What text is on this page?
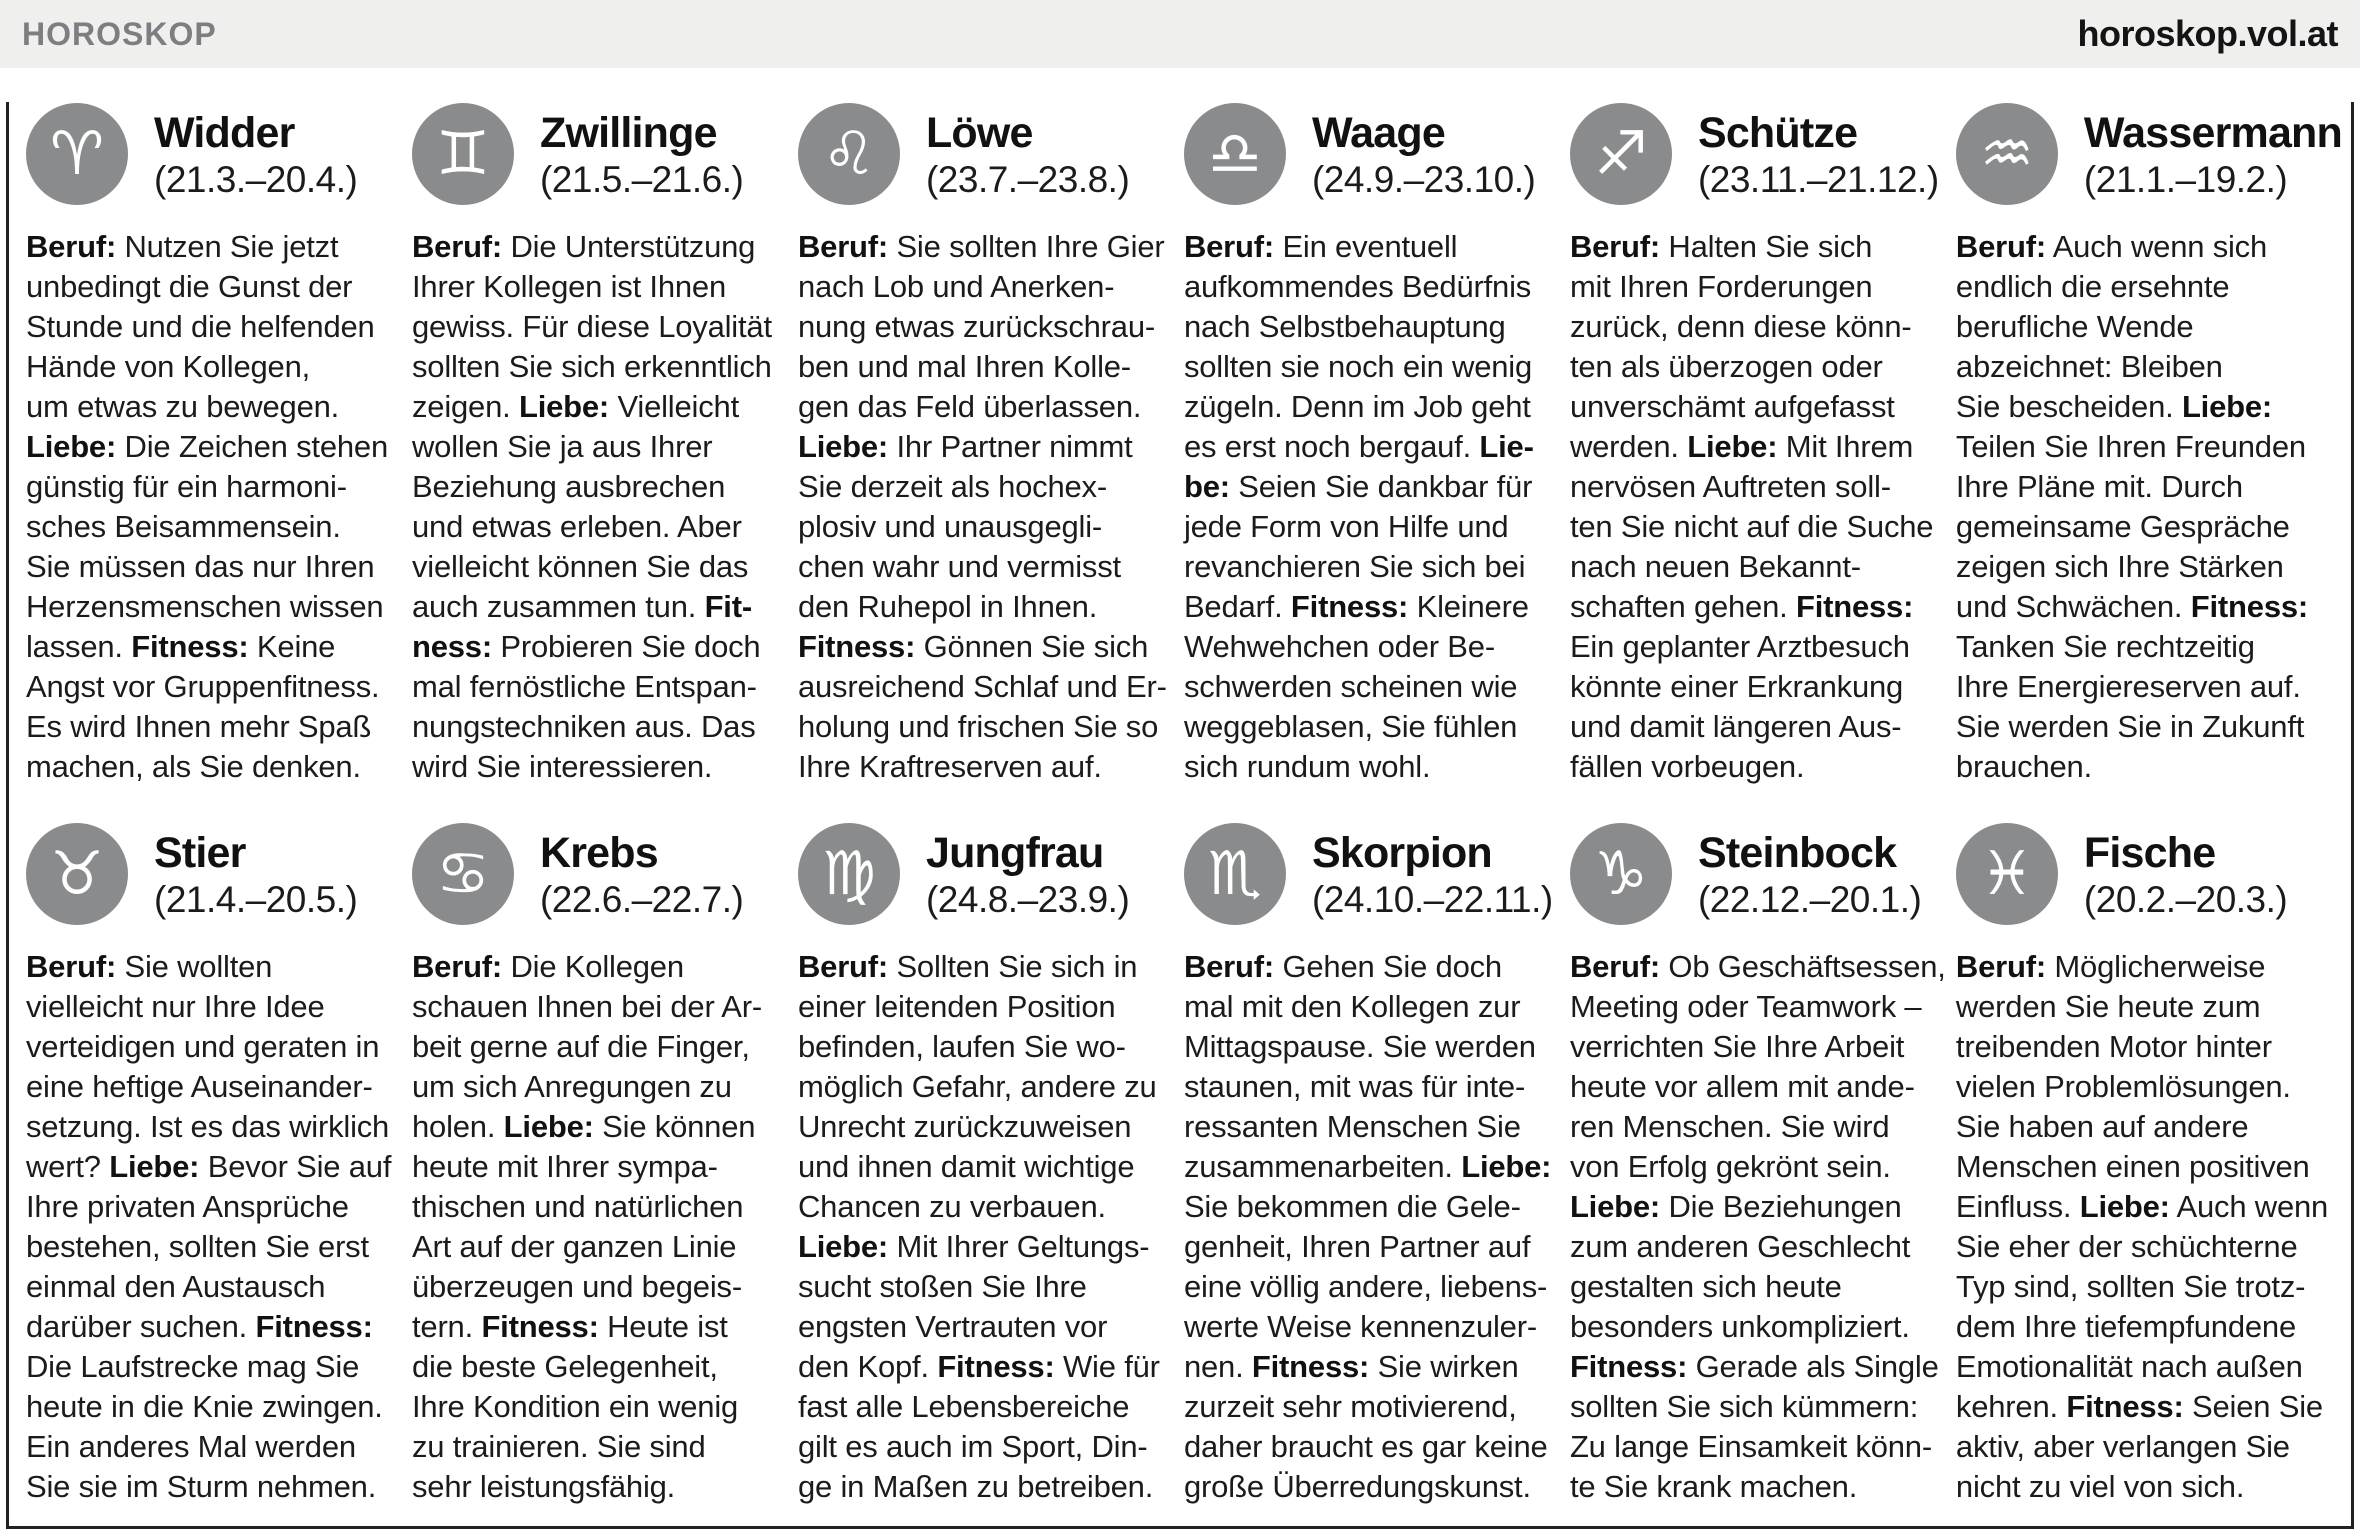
HOROSKOP	horoskop.vol.at
♈ Widder
(21.3.–20.4.)

Beruf: Nutzen Sie jetzt
unbedingt die Gunst der
Stunde und die helfenden
Hände von Kollegen,
um etwas zu bewegen.
Liebe: Die Zeichen stehen
günstig für ein harmoni-
sches Beisammensein.
Sie müssen das nur Ihren
Herzensmenschen wissen
lassen. Fitness: Keine
Angst vor Gruppenfitness.
Es wird Ihnen mehr Spaß
machen, als Sie denken.

♊ Zwillinge
(21.5.–21.6.)

Beruf: Die Unterstützung
Ihrer Kollegen ist Ihnen
gewiss. Für diese Loyalität
sollten Sie sich erkenntlich
zeigen. Liebe: Vielleicht
wollen Sie ja aus Ihrer
Beziehung ausbrechen
und etwas erleben. Aber
vielleicht können Sie das
auch zusammen tun. Fit-
ness: Probieren Sie doch
mal fernöstliche Entspan-
nungstechniken aus. Das
wird Sie interessieren.

♌ Löwe
(23.7.–23.8.)

Beruf: Sie sollten Ihre Gier
nach Lob und Anerken-
nung etwas zurückschrau-
ben und mal Ihren Kolle-
gen das Feld überlassen.
Liebe: Ihr Partner nimmt
Sie derzeit als hochex-
plosiv und unausgegli-
chen wahr und vermisst
den Ruhepol in Ihnen.
Fitness: Gönnen Sie sich
ausreichend Schlaf und Er-
holung und frischen Sie so
Ihre Kraftreserven auf.

♎ Waage
(24.9.–23.10.)

Beruf: Ein eventuell
aufkommendes Bedürfnis
nach Selbstbehauptung
sollten sie noch ein wenig
zügeln. Denn im Job geht
es erst noch bergauf. Lie-
be: Seien Sie dankbar für
jede Form von Hilfe und
revanchieren Sie sich bei
Bedarf. Fitness: Kleinere
Wehwehchen oder Be-
schwerden scheinen wie
weggeblasen, Sie fühlen
sich rundum wohl.

♐ Schütze
(23.11.–21.12.)

Beruf: Halten Sie sich
mit Ihren Forderungen
zurück, denn diese könn-
ten als überzogen oder
unverschämt aufgefasst
werden. Liebe: Mit Ihrem
nervösen Auftreten soll-
ten Sie nicht auf die Suche
nach neuen Bekannt-
schaften gehen. Fitness:
Ein geplanter Arztbesuch
könnte einer Erkrankung
und damit längeren Aus-
fällen vorbeugen.

♒ Wassermann
(21.1.–19.2.)

Beruf: Auch wenn sich
endlich die ersehnte
berufliche Wende
abzeichnet: Bleiben
Sie bescheiden. Liebe:
Teilen Sie Ihren Freunden
Ihre Pläne mit. Durch
gemeinsame Gespräche
zeigen sich Ihre Stärken
und Schwächen. Fitness:
Tanken Sie rechtzeitig
Ihre Energiereserven auf.
Sie werden Sie in Zukunft
brauchen.

♉ Stier
(21.4.–20.5.)

Beruf: Sie wollten
vielleicht nur Ihre Idee
verteidigen und geraten in
eine heftige Auseinander-
setzung. Ist es das wirklich
wert? Liebe: Bevor Sie auf
Ihre privaten Ansprüche
bestehen, sollten Sie erst
einmal den Austausch
darüber suchen. Fitness:
Die Laufstrecke mag Sie
heute in die Knie zwingen.
Ein anderes Mal werden
Sie sie im Sturm nehmen.

♋ Krebs
(22.6.–22.7.)

Beruf: Die Kollegen
schauen Ihnen bei der Ar-
beit gerne auf die Finger,
um sich Anregungen zu
holen. Liebe: Sie können
heute mit Ihrer sympa-
thischen und natürlichen
Art auf der ganzen Linie
überzeugen und begeis-
tern. Fitness: Heute ist
die beste Gelegenheit,
Ihre Kondition ein wenig
zu trainieren. Sie sind
sehr leistungsfähig.

♍ Jungfrau
(24.8.–23.9.)

Beruf: Sollten Sie sich in
einer leitenden Position
befinden, laufen Sie wo-
möglich Gefahr, andere zu
Unrecht zurückzuweisen
und ihnen damit wichtige
Chancen zu verbauen.
Liebe: Mit Ihrer Geltungs-
sucht stoßen Sie Ihre
engsten Vertrauten vor
den Kopf. Fitness: Wie für
fast alle Lebensbereiche
gilt es auch im Sport, Din-
ge in Maßen zu betreiben.

♏ Skorpion
(24.10.–22.11.)

Beruf: Gehen Sie doch
mal mit den Kollegen zur
Mittagspause. Sie werden
staunen, mit was für inte-
ressanten Menschen Sie
zusammenarbeiten. Liebe:
Sie bekommen die Gele-
genheit, Ihren Partner auf
eine völlig andere, liebens-
werte Weise kennenzuler-
nen. Fitness: Sie wirken
zurzeit sehr motivierend,
daher braucht es gar keine
große Überredungskunst.

♑ Steinbock
(22.12.–20.1.)

Beruf: Ob Geschäftsessen,
Meeting oder Teamwork –
verrichten Sie Ihre Arbeit
heute vor allem mit ande-
ren Menschen. Sie wird
von Erfolg gekrönt sein.
Liebe: Die Beziehungen
zum anderen Geschlecht
gestalten sich heute
besonders unkompliziert.
Fitness: Gerade als Single
sollten Sie sich kümmern:
Zu lange Einsamkeit könn-
te Sie krank machen.

♓ Fische
(20.2.–20.3.)

Beruf: Möglicherweise
werden Sie heute zum
treibenden Motor hinter
vielen Problemlösungen.
Sie haben auf andere
Menschen einen positiven
Einfluss. Liebe: Auch wenn
Sie eher der schüchterne
Typ sind, sollten Sie trotz-
dem Ihre tiefempfundene
Emotionalität nach außen
kehren. Fitness: Seien Sie
aktiv, aber verlangen Sie
nicht zu viel von sich.
